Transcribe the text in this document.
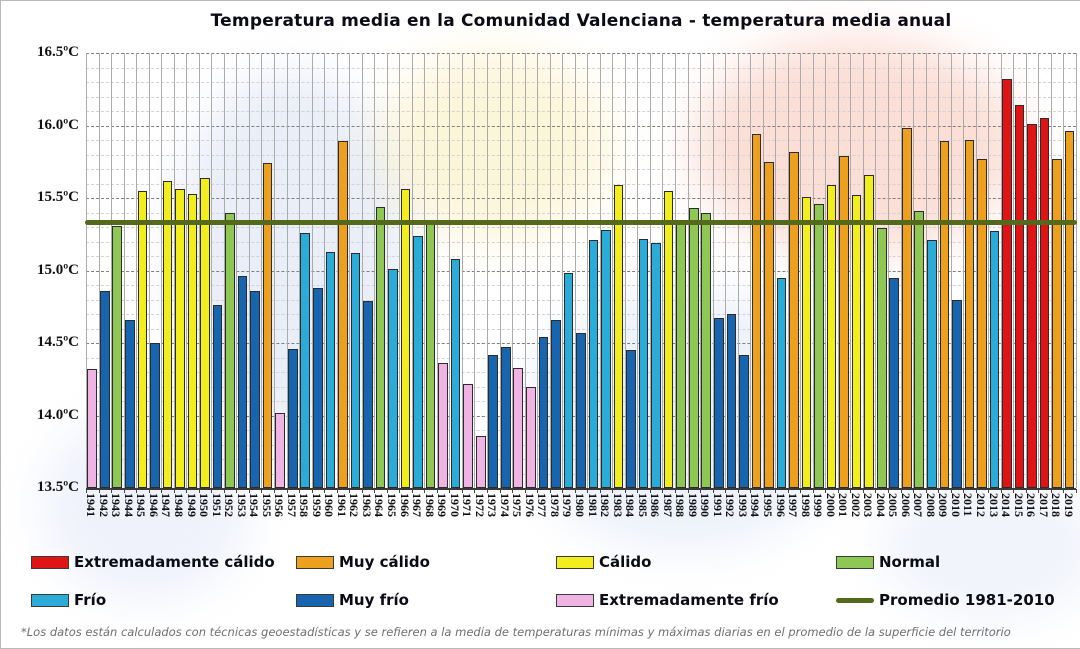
Temperatura media en la Comunidad Valenciana - temperatura media anual
16.5ºC
16.0ºC
15.5ºC
15.0ºC
14.5ºC
14.0ºC
13.5ºC
1941
1942
1943
1944
1945
1946
1947
1948
1949
1950
1951
1952
1953
1954
1955
1956
1957
1958
1959
1960
1961
1962
1963
1964
1965
1966
1967
1968
1969
1970
1971
1972
1973
1974
1975
1976
1977
1978
1979
1980
1981
1982
1983
1984
1985
1986
1987
1988
1989
1990
1991
1992
1993
1994
1995
1996
1997
1998
1999
2000
2001
2002
2003
2004
2005
2006
2007
2008
2009
2010
2011
2012
2013
2014
2015
2016
2017
2018
2019
Extremadamente cálido	Muy cálido	Cálido	Normal
Frío	Muy frío	Extremadamente frío	Promedio 1981-2010
*Los datos están calculados con técnicas geoestadísticas y se refieren a la media de temperaturas mínimas y máximas diarias en el promedio de la superficie del territorio
